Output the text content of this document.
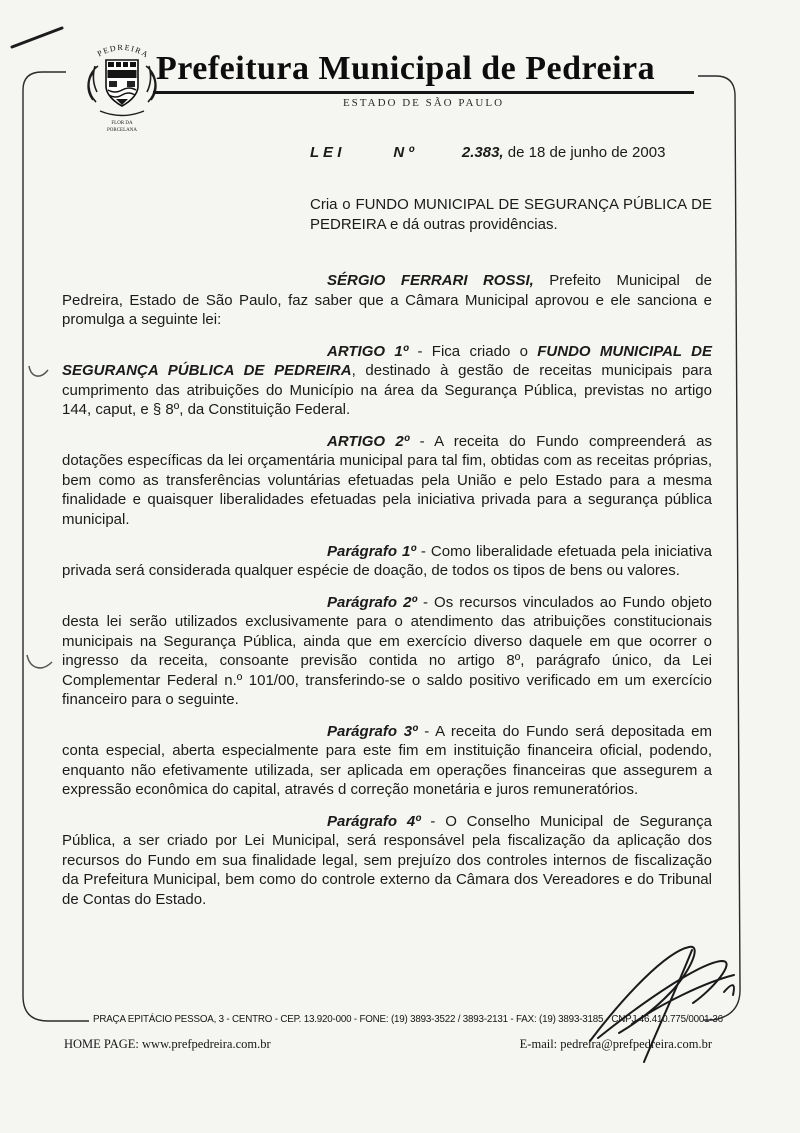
PEDREIRA
FLOR DA
PORCELANA
Prefeitura Municipal de Pedreira
ESTADO DE SÃO PAULO
L E I	N º	2.383, de 18 de junho de 2003
Cria o FUNDO MUNICIPAL DE SEGURANÇA PÚBLICA DE PEDREIRA e dá outras providências.
SÉRGIO FERRARI ROSSI, Prefeito Municipal de Pedreira, Estado de São Paulo, faz saber que a Câmara Municipal aprovou e ele sanciona e promulga a seguinte lei:
ARTIGO 1º - Fica criado o FUNDO MUNICIPAL DE SEGURANÇA PÚBLICA DE PEDREIRA, destinado à gestão de receitas municipais para cumprimento das atribuições do Município na área da Segurança Pública, previstas no artigo 144, caput, e § 8º, da Constituição Federal.
ARTIGO 2º - A receita do Fundo compreenderá as dotações específicas da lei orçamentária municipal para tal fim, obtidas com as receitas próprias, bem como as transferências voluntárias efetuadas pela União e pelo Estado para a mesma finalidade e quaisquer liberalidades efetuadas pela iniciativa privada para a segurança pública municipal.
Parágrafo 1º - Como liberalidade efetuada pela iniciativa privada será considerada qualquer espécie de doação, de todos os tipos de bens ou valores.
Parágrafo 2º - Os recursos vinculados ao Fundo objeto desta lei serão utilizados exclusivamente para o atendimento das atribuições constitucionais municipais na Segurança Pública, ainda que em exercício diverso daquele em que ocorrer o ingresso da receita, consoante previsão contida no artigo 8º, parágrafo único, da Lei Complementar Federal n.º 101/00, transferindo-se o saldo positivo verificado em um exercício financeiro para o seguinte.
Parágrafo 3º - A receita do Fundo será depositada em conta especial, aberta especialmente para este fim em instituição financeira oficial, podendo, enquanto não efetivamente utilizada, ser aplicada em operações financeiras que assegurem a expressão econômica do capital, através d correção monetária e juros remuneratórios.
Parágrafo 4º - O Conselho Municipal de Segurança Pública, a ser criado por Lei Municipal, será responsável pela fiscalização da aplicação dos recursos do Fundo em sua finalidade legal, sem prejuízo dos controles internos de fiscalização da Prefeitura Municipal, bem como do controle externo da Câmara dos Vereadores e do Tribunal de Contas do Estado.
PRAÇA EPITÁCIO PESSOA, 3 - CENTRO - CEP. 13.920-000 - FONE: (19) 3893-3522 / 3893-2131 - FAX: (19) 3893-3185 - CNPJ 46.410.775/0001-36
HOME PAGE: www.prefpedreira.com.br	E-mail: pedreira@prefpedreira.com.br
